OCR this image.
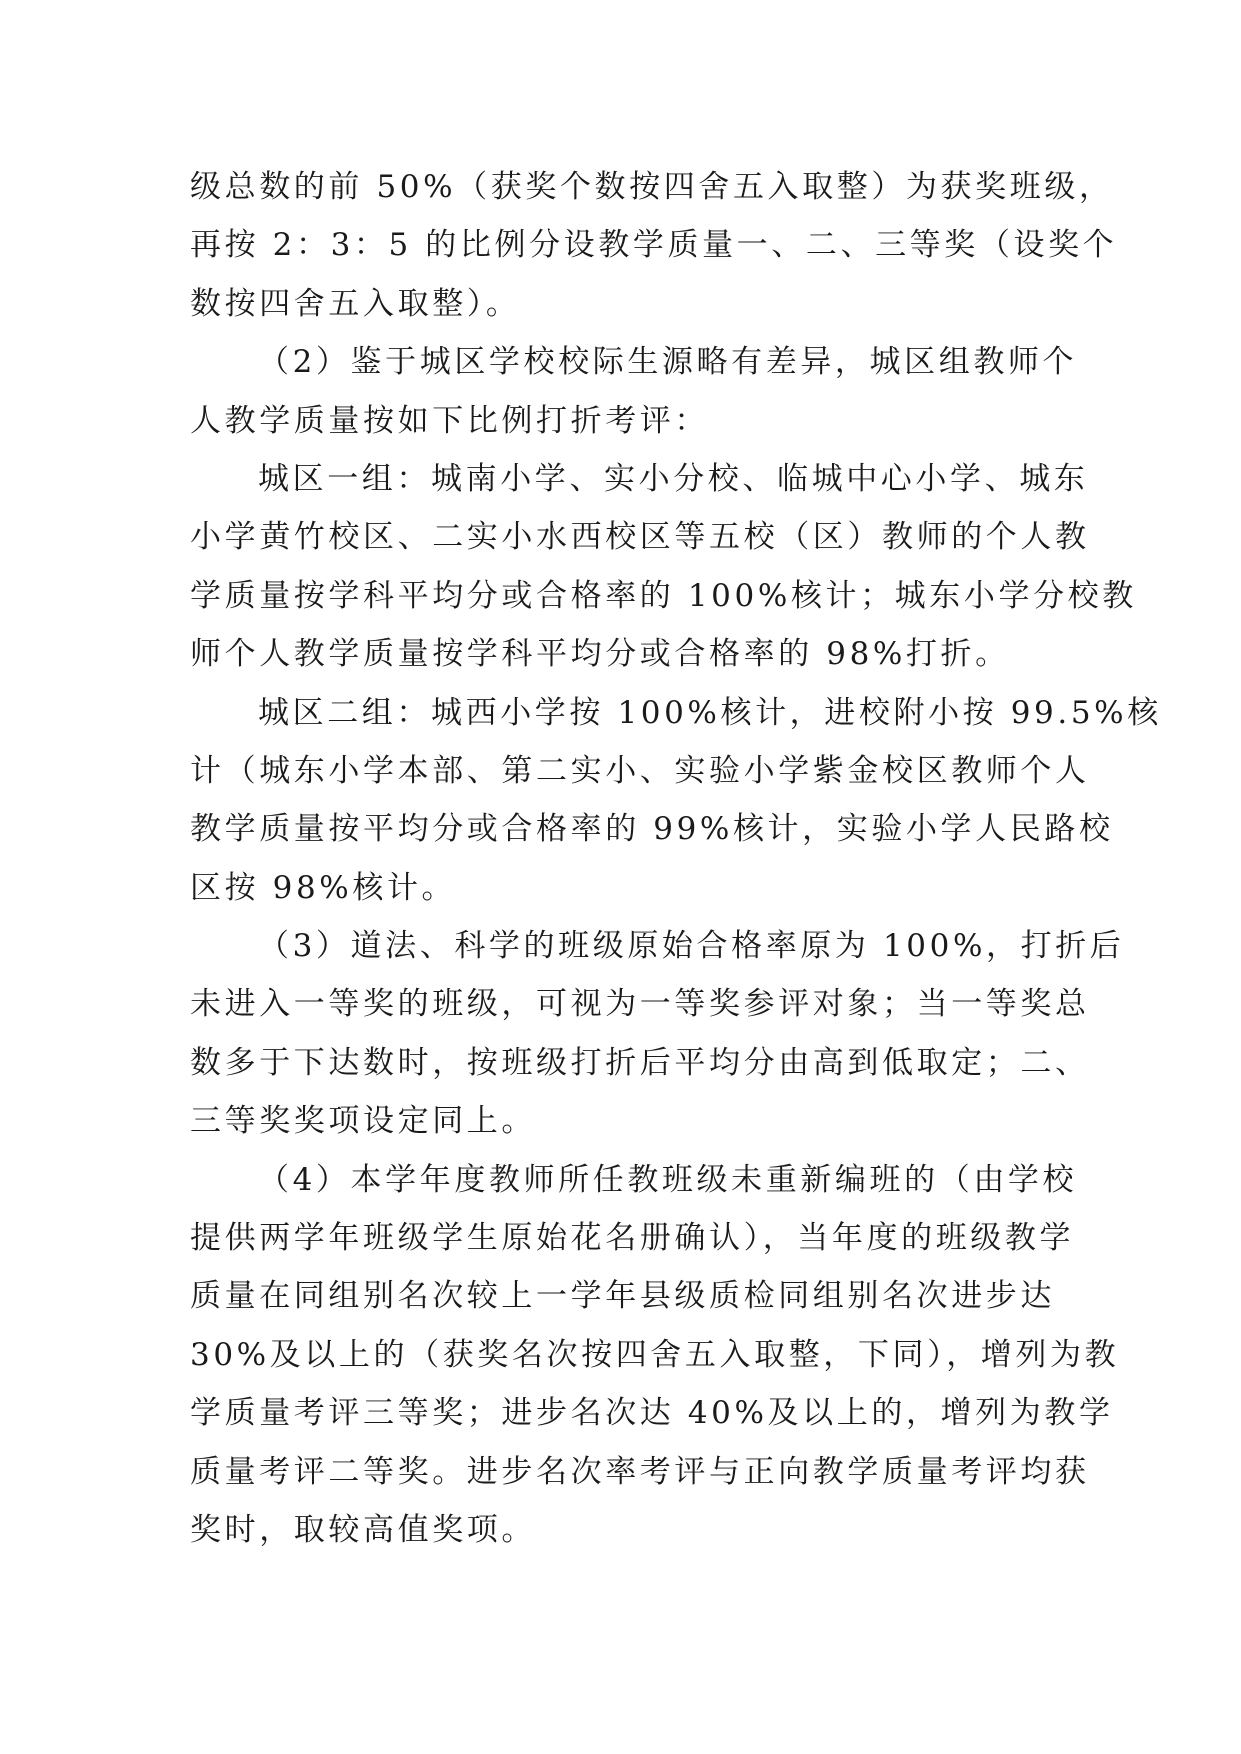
级总数的前 50%（获奖个数按四舍五入取整）为获奖班级，
再按 2：3：5 的比例分设教学质量一、二、三等奖（设奖个
数按四舍五入取整）。
（2）鉴于城区学校校际生源略有差异，城区组教师个
人教学质量按如下比例打折考评：
城区一组：城南小学、实小分校、临城中心小学、城东
小学黄竹校区、二实小水西校区等五校（区）教师的个人教
学质量按学科平均分或合格率的 100%核计；城东小学分校教
师个人教学质量按学科平均分或合格率的 98%打折。
城区二组：城西小学按 100%核计，进校附小按 99.5%核
计（城东小学本部、第二实小、实验小学紫金校区教师个人
教学质量按平均分或合格率的 99%核计，实验小学人民路校
区按 98%核计。
（3）道法、科学的班级原始合格率原为 100%，打折后
未进入一等奖的班级，可视为一等奖参评对象；当一等奖总
数多于下达数时，按班级打折后平均分由高到低取定；二、
三等奖奖项设定同上。
（4）本学年度教师所任教班级未重新编班的（由学校
提供两学年班级学生原始花名册确认），当年度的班级教学
质量在同组别名次较上一学年县级质检同组别名次进步达
30%及以上的（获奖名次按四舍五入取整，下同），增列为教
学质量考评三等奖；进步名次达 40%及以上的，增列为教学
质量考评二等奖。进步名次率考评与正向教学质量考评均获
奖时，取较高值奖项。
